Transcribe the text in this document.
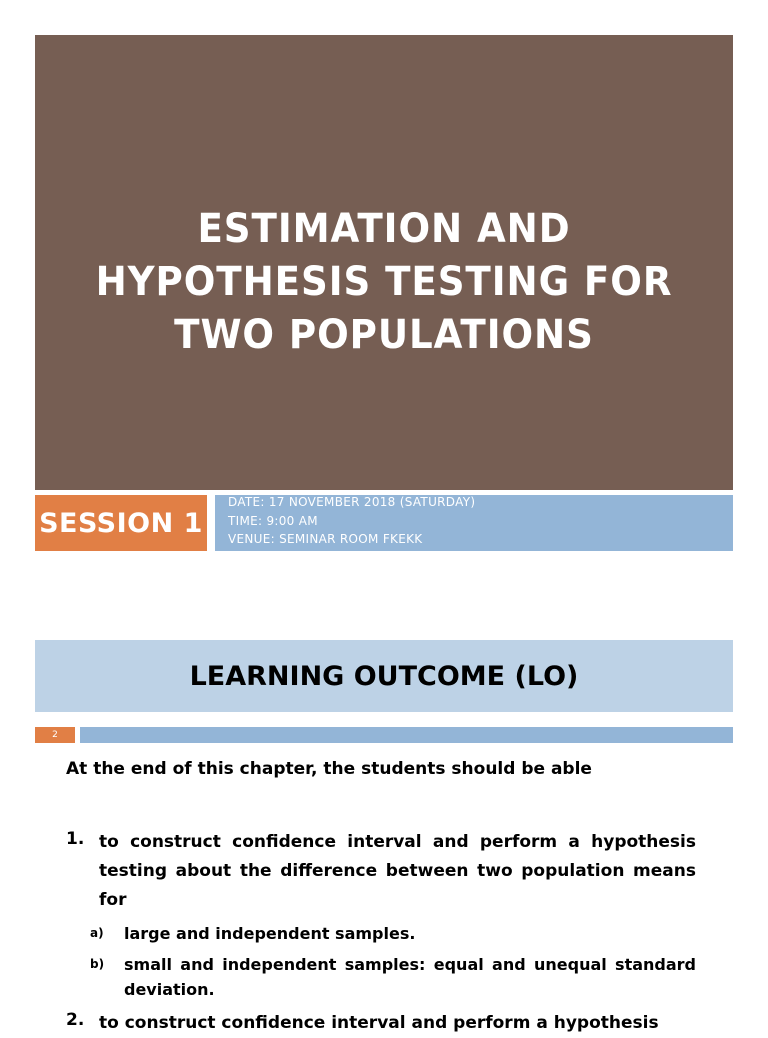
ESTIMATION AND
HYPOTHESIS TESTING FOR
TWO POPULATIONS
SESSION 1
DATE: 17 NOVEMBER 2018 (SATURDAY)
TIME: 9:00 AM
VENUE: SEMINAR ROOM FKEKK
LEARNING OUTCOME (LO)
2
At the end of this chapter, the students should be able
1. to construct confidence interval and perform a hypothesis testing about the difference between two population means for
a) large and independent samples.
b) small and independent samples: equal and unequal standard deviation.
2. to construct confidence interval and perform a hypothesis
